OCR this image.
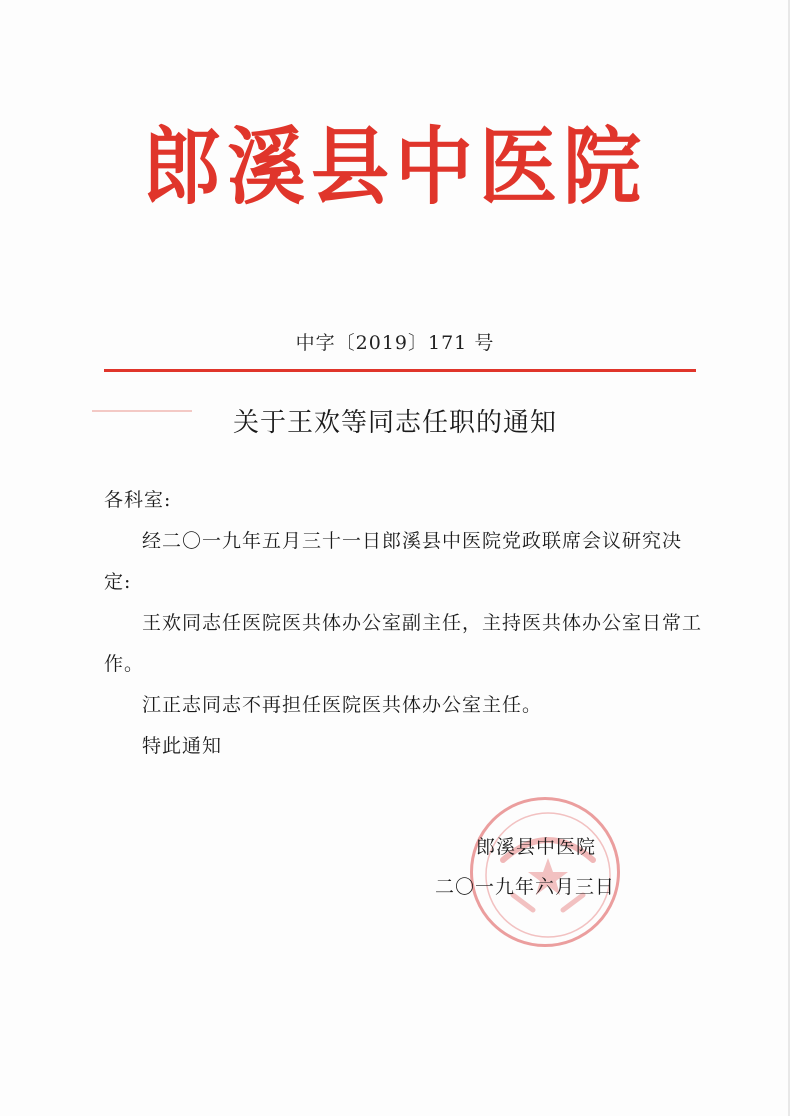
郎溪县中医院
中字〔2019〕171 号
关于王欢等同志任职的通知

各科室:

经二〇一九年五月三十一日郎溪县中医院党政联席会议研究决定:

王欢同志任医院医共体办公室副主任，主持医共体办公室日常工作。

江正志同志不再担任医院医共体办公室主任。

特此通知

郎溪县中医院
二〇一九年六月三日
